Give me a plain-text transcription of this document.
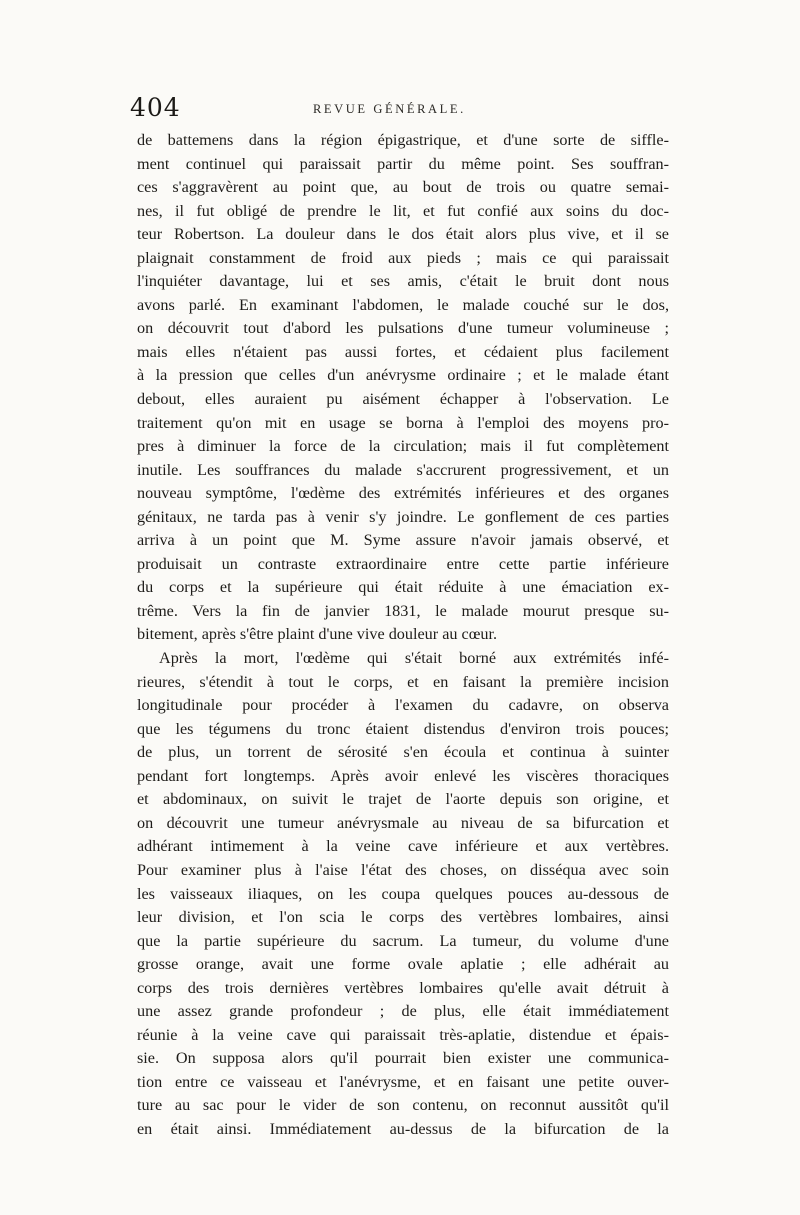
404	REVUE GÉNÉRALE.
de battemens dans la région épigastrique, et d'une sorte de siffle-
ment continuel qui paraissait partir du même point. Ses souffran-
ces s'aggravèrent au point que, au bout de trois ou quatre semai-
nes, il fut obligé de prendre le lit, et fut confié aux soins du doc-
teur Robertson. La douleur dans le dos était alors plus vive, et il se
plaignait constamment de froid aux pieds ; mais ce qui paraissait
l'inquiéter davantage, lui et ses amis, c'était le bruit dont nous
avons parlé. En examinant l'abdomen, le malade couché sur le dos,
on découvrit tout d'abord les pulsations d'une tumeur volumineuse ;
mais elles n'étaient pas aussi fortes, et cédaient plus facilement
à la pression que celles d'un anévrysme ordinaire ; et le malade étant
debout, elles auraient pu aisément échapper à l'observation. Le
traitement qu'on mit en usage se borna à l'emploi des moyens pro-
pres à diminuer la force de la circulation; mais il fut complètement
inutile. Les souffrances du malade s'accrurent progressivement, et un
nouveau symptôme, l'œdème des extrémités inférieures et des organes
génitaux, ne tarda pas à venir s'y joindre. Le gonflement de ces parties
arriva à un point que M. Syme assure n'avoir jamais observé, et
produisait un contraste extraordinaire entre cette partie inférieure
du corps et la supérieure qui était réduite à une émaciation ex-
trême. Vers la fin de janvier 1831, le malade mourut presque su-
bitement, après s'être plaint d'une vive douleur au cœur.
Après la mort, l'œdème qui s'était borné aux extrémités infé-
rieures, s'étendit à tout le corps, et en faisant la première incision
longitudinale pour procéder à l'examen du cadavre, on observa
que les tégumens du tronc étaient distendus d'environ trois pouces;
de plus, un torrent de sérosité s'en écoula et continua à suinter
pendant fort longtemps. Après avoir enlevé les viscères thoraciques
et abdominaux, on suivit le trajet de l'aorte depuis son origine, et
on découvrit une tumeur anévrysmale au niveau de sa bifurcation et
adhérant intimement à la veine cave inférieure et aux vertèbres.
Pour examiner plus à l'aise l'état des choses, on disséqua avec soin
les vaisseaux iliaques, on les coupa quelques pouces au-dessous de
leur division, et l'on scia le corps des vertèbres lombaires, ainsi
que la partie supérieure du sacrum. La tumeur, du volume d'une
grosse orange, avait une forme ovale aplatie ; elle adhérait au
corps des trois dernières vertèbres lombaires qu'elle avait détruit à
une assez grande profondeur ; de plus, elle était immédiatement
réunie à la veine cave qui paraissait très-aplatie, distendue et épais-
sie. On supposa alors qu'il pourrait bien exister une communica-
tion entre ce vaisseau et l'anévrysme, et en faisant une petite ouver-
ture au sac pour le vider de son contenu, on reconnut aussitôt qu'il
en était ainsi. Immédiatement au-dessus de la bifurcation de la
